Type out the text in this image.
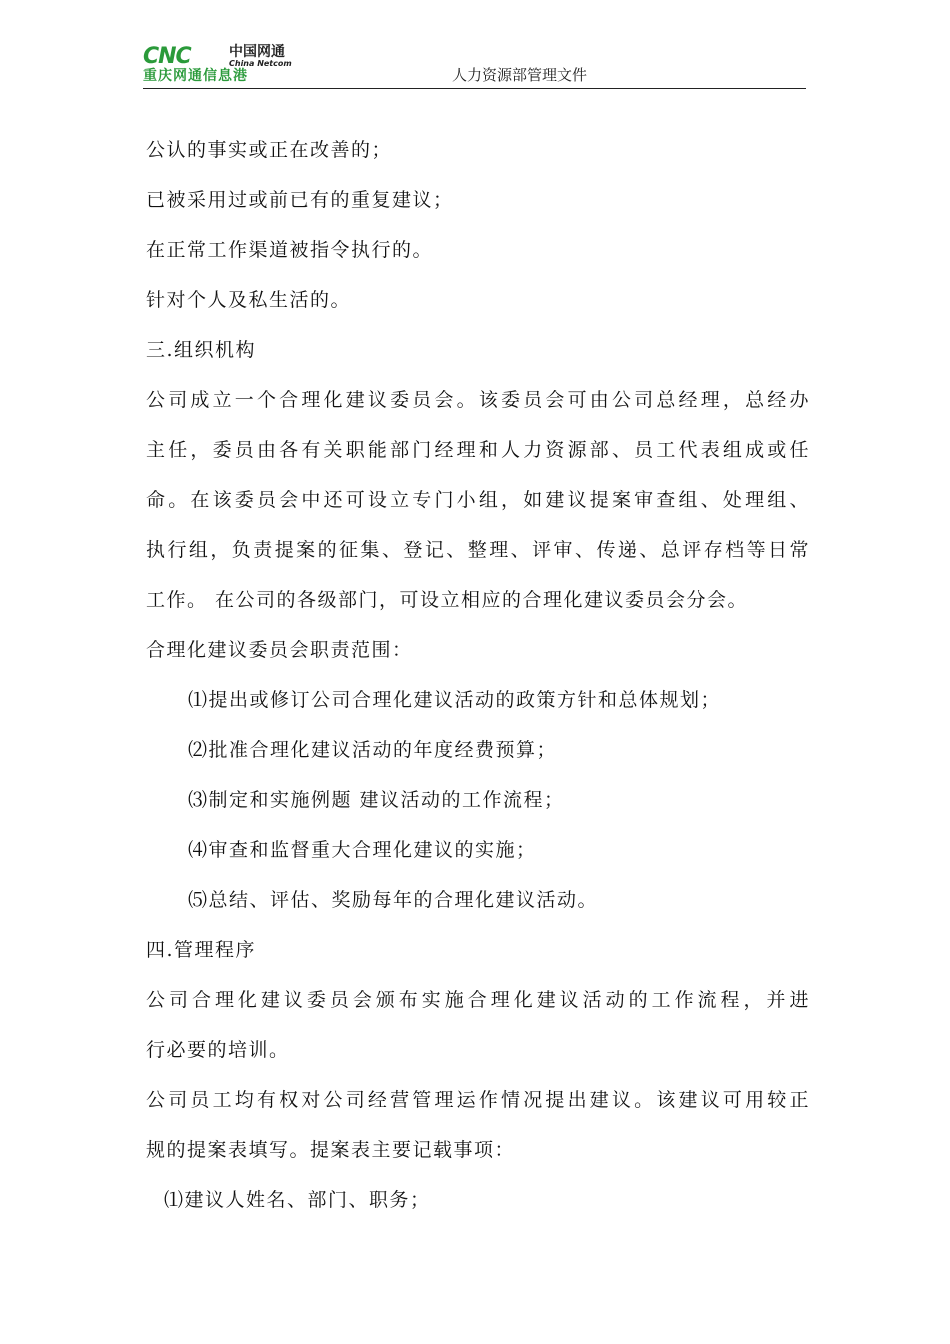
CNC	中国网通
China Netcom
重庆网通信息港	人力资源部管理文件
公认的事实或正在改善的；
已被采用过或前已有的重复建议；
在正常工作渠道被指令执行的。
针对个人及私生活的。
三.组织机构
公司成立一个合理化建议委员会。该委员会可由公司总经理，总经办
主任，委员由各有关职能部门经理和人力资源部、员工代表组成或任
命。在该委员会中还可设立专门小组，如建议提案审查组、处理组、
执行组，负责提案的征集、登记、整理、评审、传递、总评存档等日常
工作。 在公司的各级部门，可设立相应的合理化建议委员会分会。
合理化建议委员会职责范围：
⑴提出或修订公司合理化建议活动的政策方针和总体规划；
⑵批准合理化建议活动的年度经费预算；
⑶制定和实施例题 建议活动的工作流程；
⑷审查和监督重大合理化建议的实施；
⑸总结、评估、奖励每年的合理化建议活动。
四.管理程序
公司合理化建议委员会颁布实施合理化建议活动的工作流程，并进
行必要的培训。
公司员工均有权对公司经营管理运作情况提出建议。该建议可用较正
规的提案表填写。提案表主要记载事项：
⑴建议人姓名、部门、职务；
